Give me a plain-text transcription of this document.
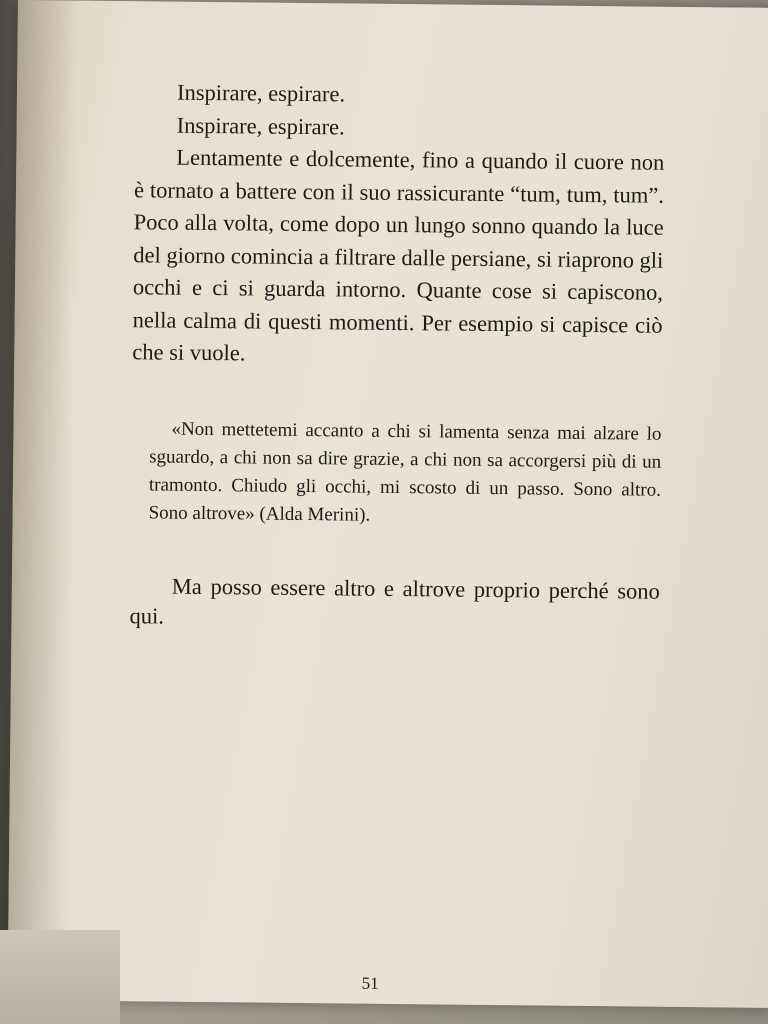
Inspirare, espirare.

Inspirare, espirare.

Lentamente e dolcemente, fino a quando il cuore non è tornato a battere con il suo rassicurante “tum, tum, tum”. Poco alla volta, come dopo un lungo sonno quando la luce del giorno comincia a filtrare dalle persiane, si riaprono gli occhi e ci si guarda intorno. Quante cose si capiscono, nella calma di questi momenti. Per esempio si capisce ciò che si vuole.

«Non mettetemi accanto a chi si lamenta senza mai alzare lo sguardo, a chi non sa dire grazie, a chi non sa accorgersi più di un tramonto. Chiudo gli occhi, mi scosto di un passo. Sono altro. Sono altrove» (Alda Merini).

Ma posso essere altro e altrove proprio perché sono qui.

51
